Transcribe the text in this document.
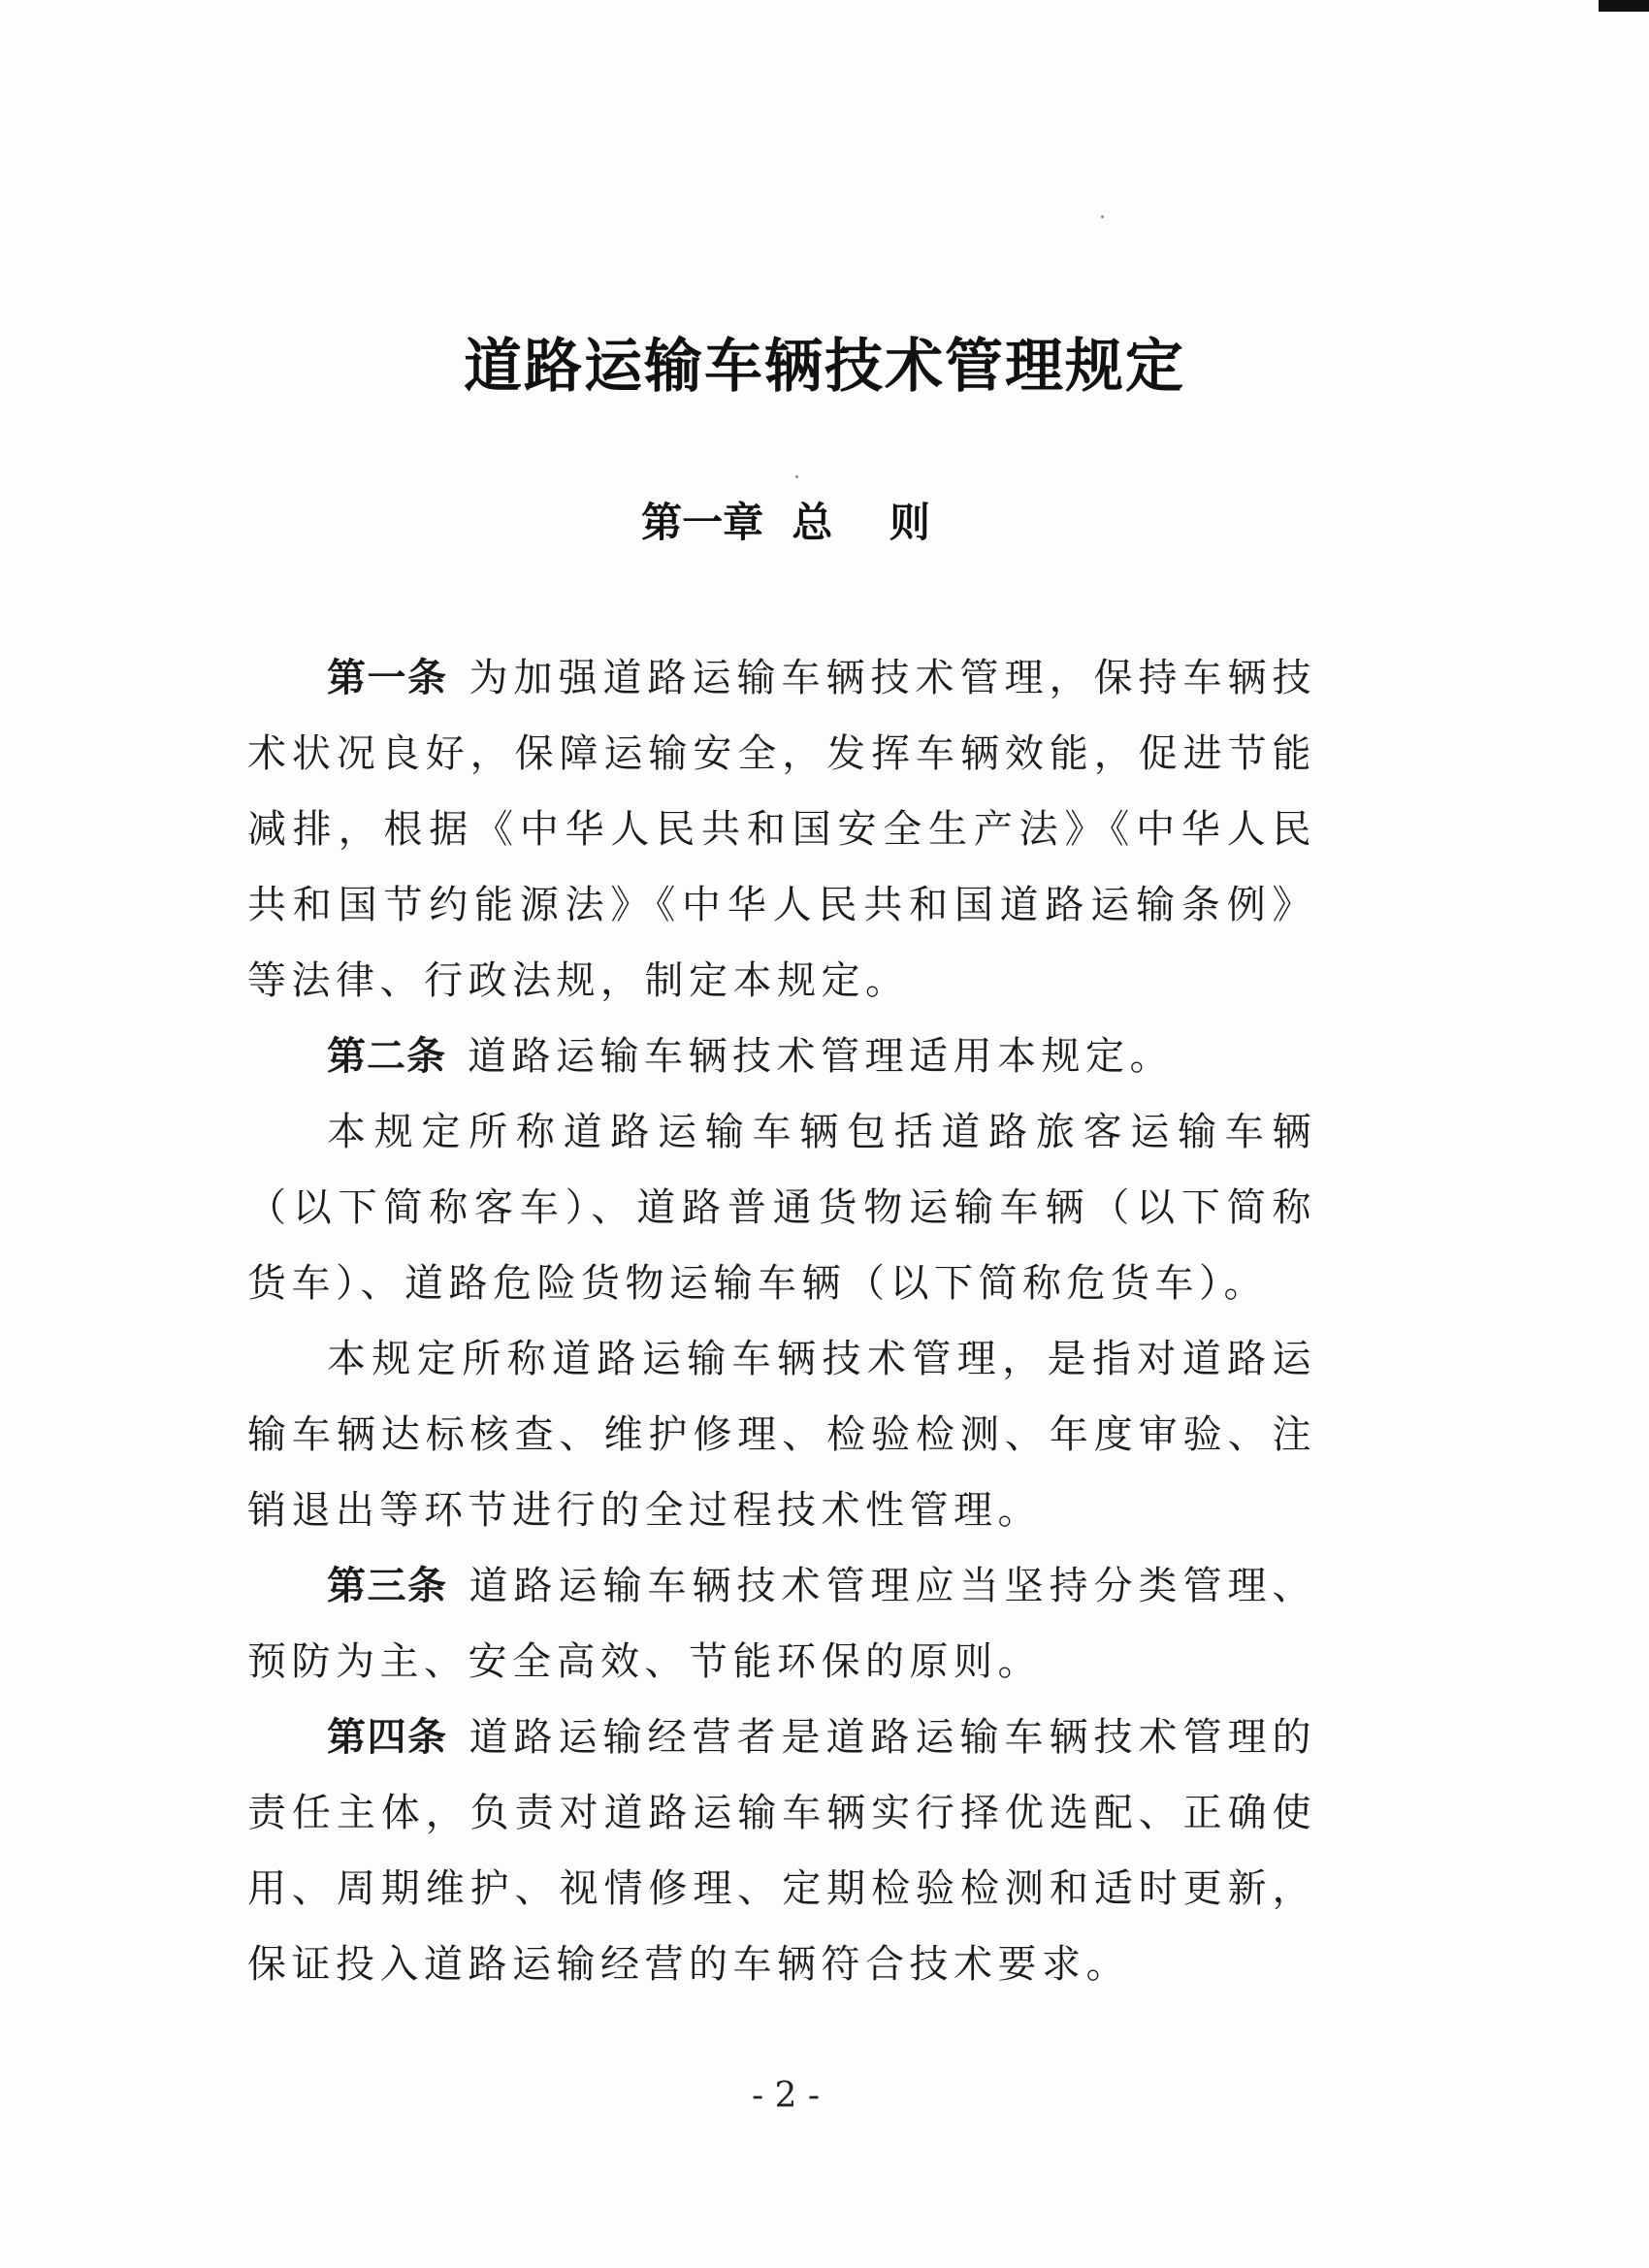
道路运输车辆技术管理规定
第一章  总    则

第一条 为加强道路运输车辆技术管理，保持车辆技术状况良好，保障运输安全，发挥车辆效能，促进节能减排，根据《中华人民共和国安全生产法》《中华人民共和国节约能源法》《中华人民共和国道路运输条例》等法律、行政法规，制定本规定。

第二条 道路运输车辆技术管理适用本规定。

本规定所称道路运输车辆包括道路旅客运输车辆（以下简称客车）、道路普通货物运输车辆（以下简称货车）、道路危险货物运输车辆（以下简称危货车）。

本规定所称道路运输车辆技术管理，是指对道路运输车辆达标核查、维护修理、检验检测、年度审验、注销退出等环节进行的全过程技术性管理。

第三条 道路运输车辆技术管理应当坚持分类管理、预防为主、安全高效、节能环保的原则。

第四条 道路运输经营者是道路运输车辆技术管理的责任主体，负责对道路运输车辆实行择优选配、正确使用、周期维护、视情修理、定期检验检测和适时更新，保证投入道路运输经营的车辆符合技术要求。

- 2 -
